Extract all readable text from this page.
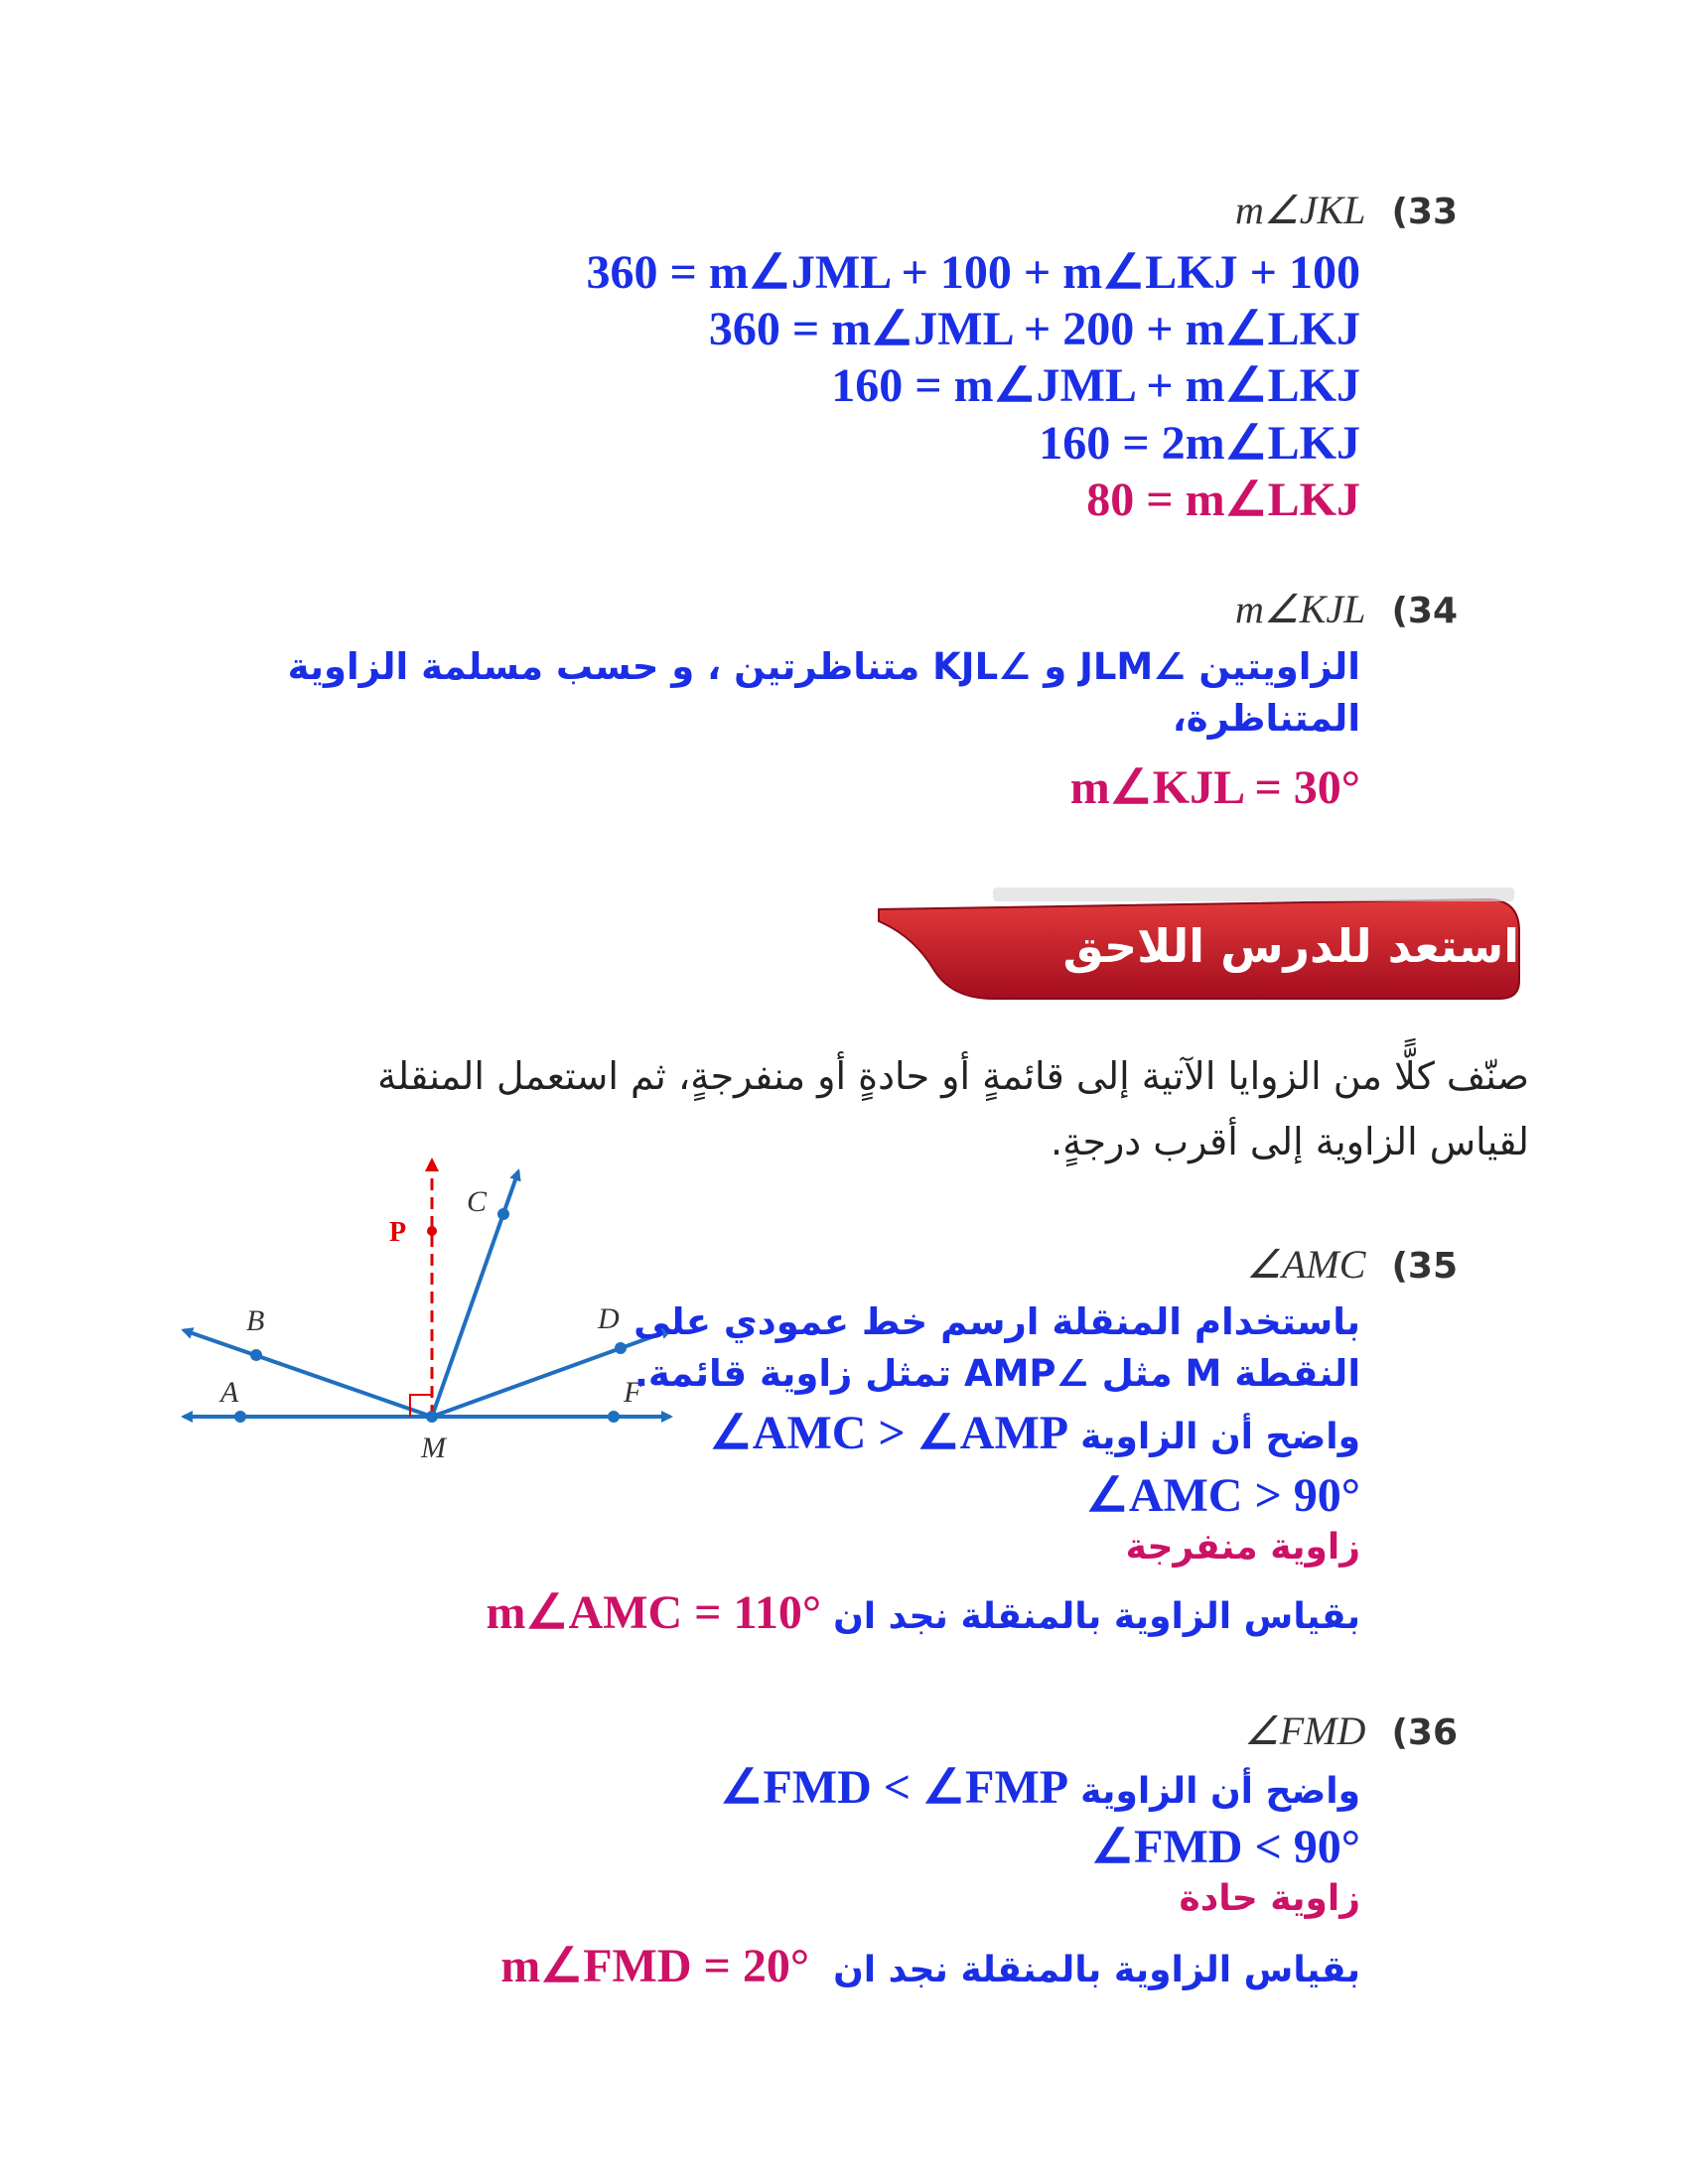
m∠JKL (33
360 = m∠JML + 100 + m∠LKJ + 100
360 = m∠JML + 200 + m∠LKJ
160 = m∠JML + m∠LKJ
160 = 2m∠LKJ
80 = m∠LKJ
m∠KJL (34
الزاويتين ∠JLM و ∠KJL متناظرتين ، و حسب مسلمة الزاوية
المتناظرة،
m∠KJL = 30°
استعد للدرس اللاحق
صنّف كلًّا من الزوايا الآتية إلى قائمةٍ أو حادةٍ أو منفرجةٍ، ثم استعمل المنقلة
لقياس الزاوية إلى أقرب درجةٍ.
A
B
C
D
F
M
P
∠AMC (35
باستخدام المنقلة ارسم خط عمودي على
النقطة M مثل ∠AMP تمثل زاوية قائمة.
∠AMC > ∠AMP واضح أن الزاوية
∠AMC > 90°
زاوية منفرجة
m∠AMC = 110° بقياس الزاوية بالمنقلة نجد ان
∠FMD (36
∠FMD < ∠FMP واضح أن الزاوية
∠FMD < 90°
زاوية حادة
m∠FMD = 20° بقياس الزاوية بالمنقلة نجد ان
